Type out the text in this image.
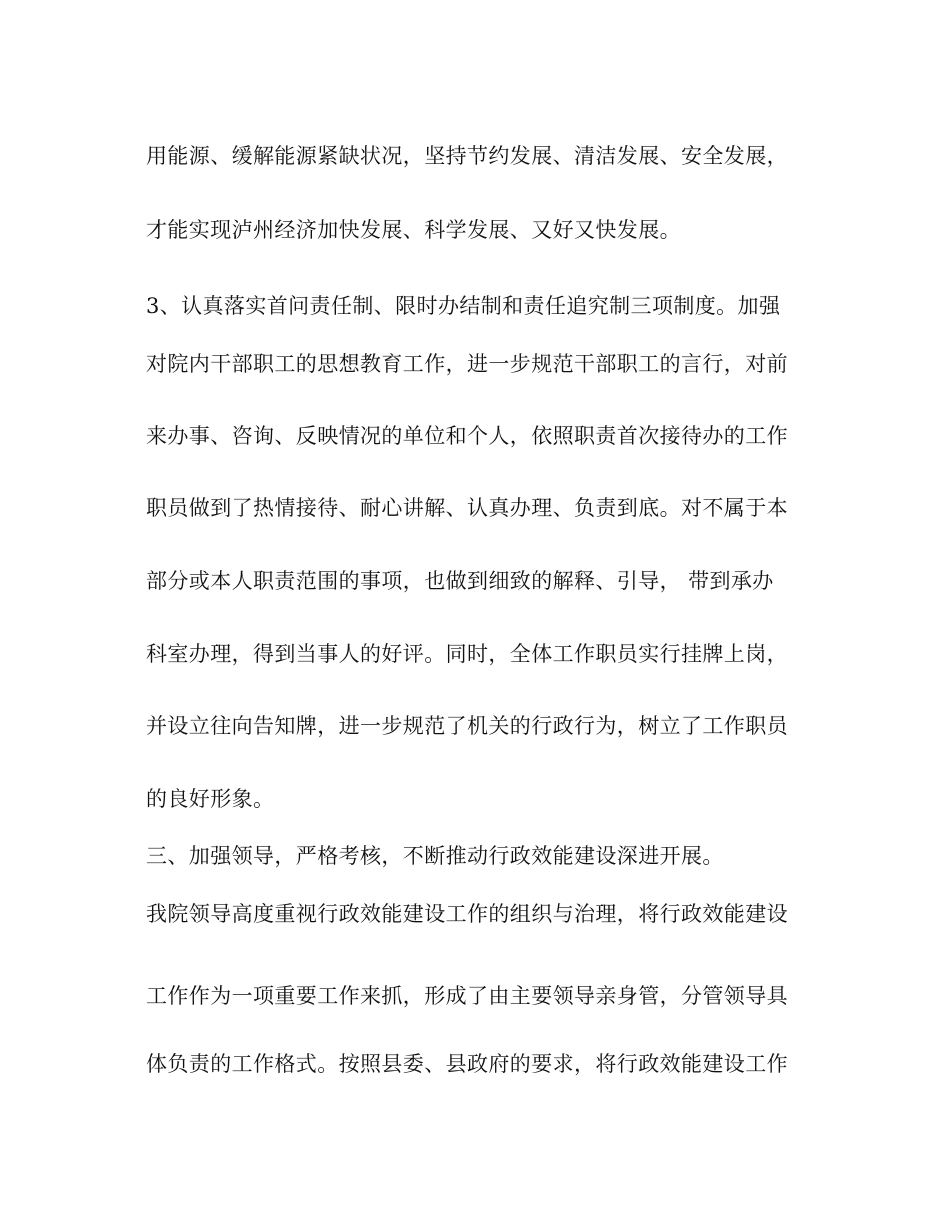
用能源、缓解能源紧缺状况，坚持节约发展、清洁发展、安全发展，
才能实现泸州经济加快发展、科学发展、又好又快发展。
3、认真落实首问责任制、限时办结制和责任追究制三项制度。加强
对院内干部职工的思想教育工作，进一步规范干部职工的言行，对前
来办事、咨询、反映情况的单位和个人，依照职责首次接待办的工作
职员做到了热情接待、耐心讲解、认真办理、负责到底。对不属于本
部分或本人职责范围的事项，也做到细致的解释、引导， 带到承办
科室办理，得到当事人的好评。同时，全体工作职员实行挂牌上岗，
并设立往向告知牌，进一步规范了机关的行政行为，树立了工作职员
的良好形象。
三、加强领导，严格考核，不断推动行政效能建设深进开展。
我院领导高度重视行政效能建设工作的组织与治理，将行政效能建设
工作作为一项重要工作来抓，形成了由主要领导亲身管，分管领导具
体负责的工作格式。按照县委、县政府的要求，将行政效能建设工作
